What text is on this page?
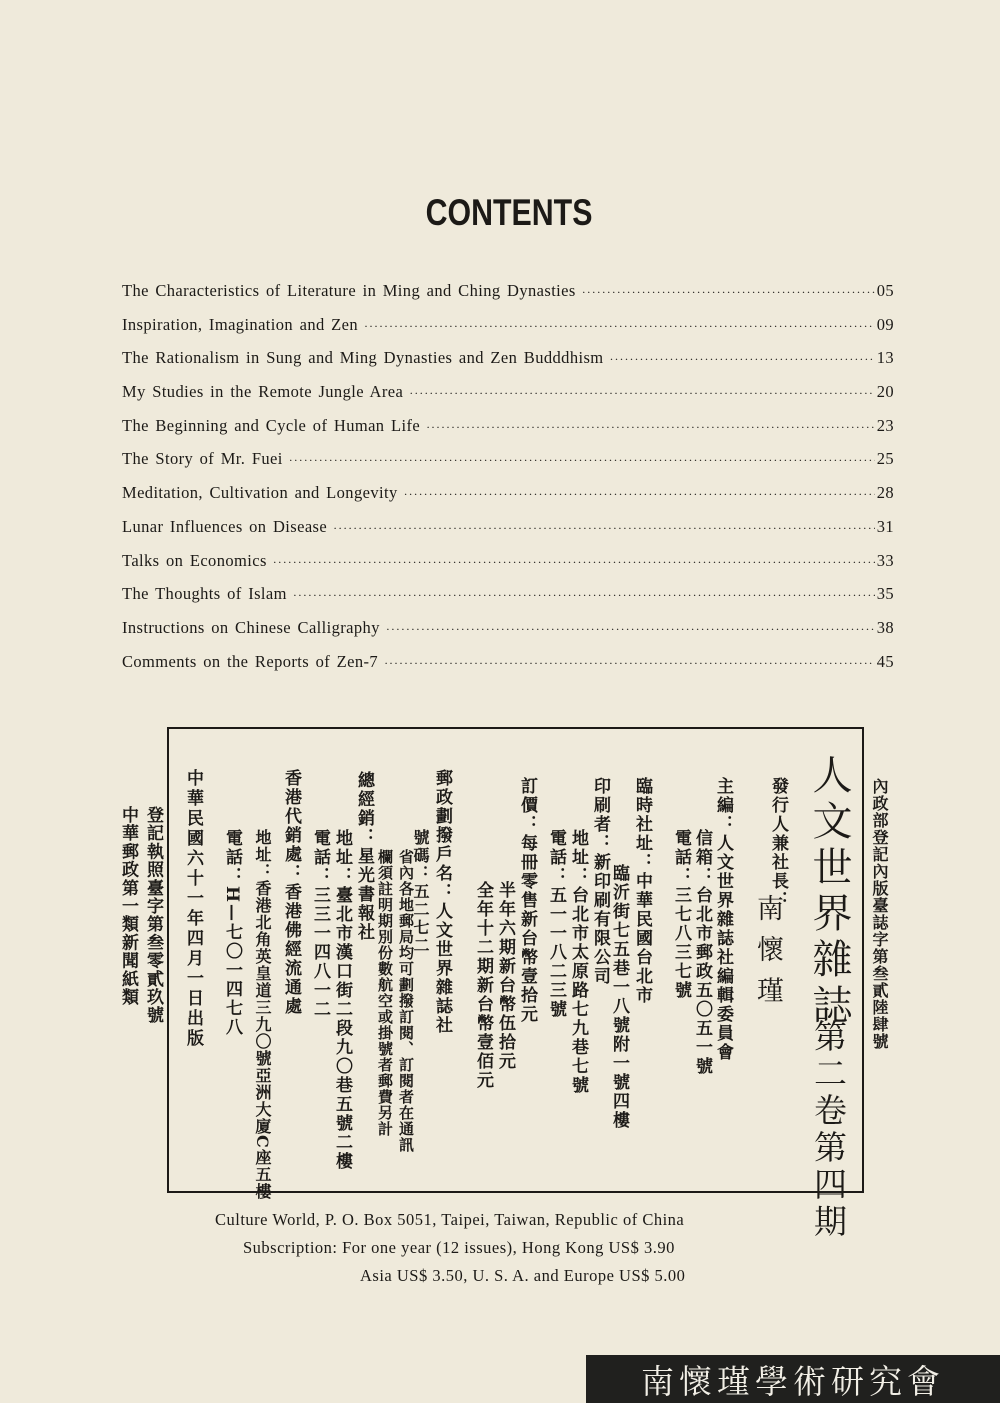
CONTENTS
The Characteristics of Literature in Ming and Ching Dynasties ·····	05
Inspiration, Imagination and Zen ·····	09
The Rationalism in Sung and Ming Dynasties and Zen Budddhism ·····	13
My Studies in the Remote Jungle Area ·····	20
The Beginning and Cycle of Human Life ·····	23
The Story of Mr. Fuei ·····	25
Meditation, Cultivation and Longevity ·····	28
Lunar Influences on Disease ·····	31
Talks on Economics ·····	33
The Thoughts of Islam ·····	35
Instructions on Chinese Calligraphy ·····	38
Comments on the Reports of Zen-7 ·····	45
內政部登記內版臺誌字第叁貳陸肆號
登記執照臺字第叁零貳玖號
中華郵政第一類新聞紙類	人文世界雜誌
第二卷第四期
發行人兼社長：
南懷瑾
主編：人文世界雜誌社編輯委員會
信箱：台北市郵政五〇五一號
電話：三七八三七號
臨時社址：中華民國台北市
臨沂街七五巷一八號附一號四樓
印刷者：新印刷有限公司
地址：台北市太原路七九巷七號
電話：五一一八二三號
訂價：每冊零售新台幣壹拾元
半年六期新台幣伍拾元
全年十二期新台幣壹佰元
郵政劃撥戶名：人文世界雜誌社
號碼：五二七二
省內各地郵局均可劃撥訂閱、訂閱者在通訊
欄須註明期別份數航空或掛號者郵費另計
總經銷：星光書報社
地址：臺北市漢口街二段九〇巷五號二樓
電話：三三一四八一二
香港代銷處：香港佛經流通處
地址：香港北角英皇道三九〇號亞洲大廈C座五樓
電話：H—七〇一四七八
中華民國六十一年四月一日出版
Culture World, P. O. Box 5051, Taipei, Taiwan, Republic of China
Subscription: For one year (12 issues), Hong Kong US$ 3.90
Asia US$ 3.50, U. S. A. and Europe US$ 5.00
南懷瑾學術研究會
